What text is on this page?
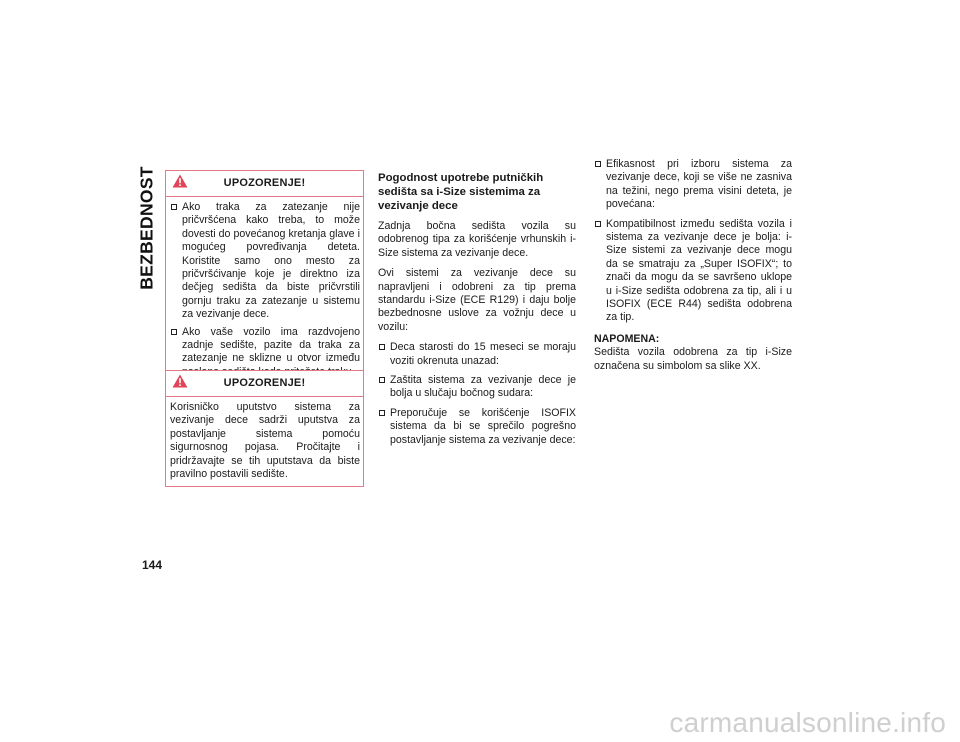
BEZBEDNOST
144
UPOZORENJE!
Ako traka za zatezanje nije pričvršćena kako treba, to može dovesti do povećanog kretanja glave i mogućeg povređivanja deteta. Koristite samo ono mesto za pričvršćivanje koje je direktno iza dečjeg sedišta da biste pričvrstili gornju traku za zatezanje u sistemu za vezivanje dece.
Ako vaše vozilo ima razdvojeno zadnje sedište, pazite da traka za zatezanje ne sklizne u otvor između
UPOZORENJE!
Korisničko uputstvo sistema za vezivanje dece sadrži uputstva za postavljanje sistema pomoću sigurnosnog pojasa. Pročitajte i pridržavajte se tih uputstava da biste pravilno postavili sedište.
Pogodnost upotrebe putničkih sedišta sa i-Size sistemima za vezivanje dece
Zadnja bočna sedišta vozila su odobrenog tipa za korišćenje vrhunskih i-Size sistema za vezivanje dece.
Ovi sistemi za vezivanje dece su napravljeni i odobreni za tip prema standardu i-Size (ECE R129) i daju bolje bezbednosne uslove za vožnju dece u vozilu:
Deca starosti do 15 meseci se moraju voziti okrenuta unazad:
Zaštita sistema za vezivanje dece je bolja u slučaju bočnog sudara:
Preporučuje se korišćenje ISOFIX sistema da bi se sprečilo pogrešno postavljanje sistema za vezivanje dece:
Efikasnost pri izboru sistema za vezivanje dece, koji se više ne zasniva na težini, nego prema visini deteta, je povećana:
Kompatibilnost između sedišta vozila i sistema za vezivanje dece je bolja: i-Size sistemi za vezivanje dece mogu da se smatraju za „Super ISOFIX“; to znači da mogu da se savršeno uklope u i-Size sedišta odobrena za tip, ali i u ISOFIX (ECE R44) sedišta odobrena za tip.
NAPOMENA:
Sedišta vozila odobrena za tip i-Size označena su simbolom sa slike XX.
carmanualsonline.info
